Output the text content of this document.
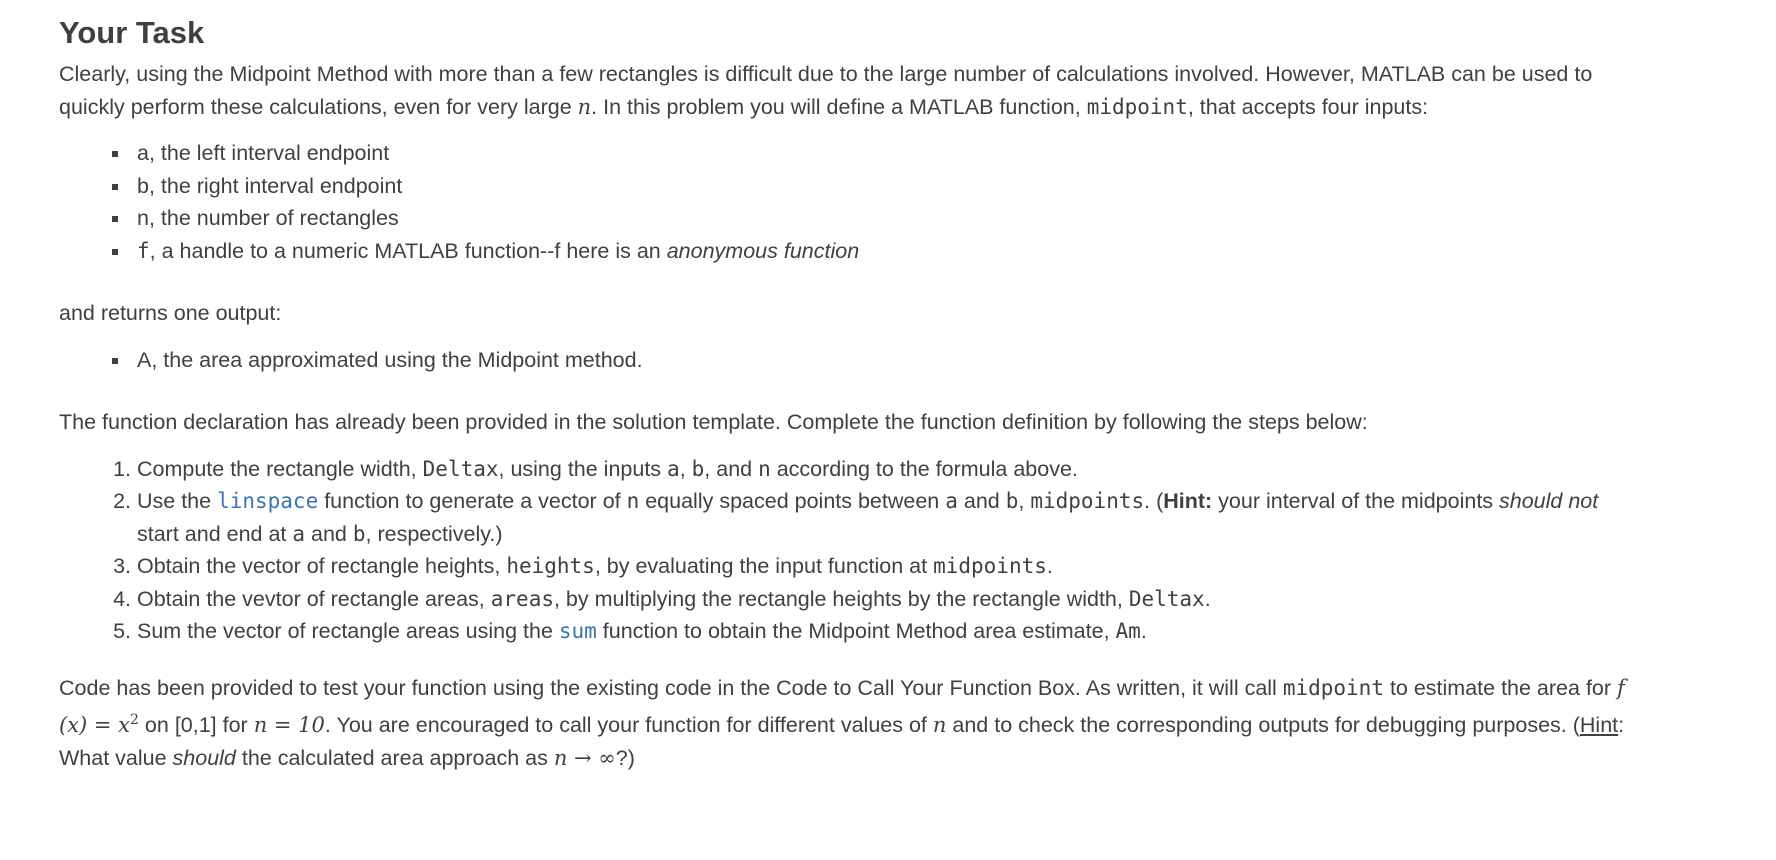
Your Task

Clearly, using the Midpoint Method with more than a few rectangles is difficult due to the large number of calculations involved. However, MATLAB can be used to quickly perform these calculations, even for very large n. In this problem you will define a MATLAB function, midpoint, that accepts four inputs:

a, the left interval endpoint
b, the right interval endpoint
n, the number of rectangles
f, a handle to a numeric MATLAB function--f here is an anonymous function

and returns one output:

A, the area approximated using the Midpoint method.

The function declaration has already been provided in the solution template. Complete the function definition by following the steps below:

1. Compute the rectangle width, Deltax, using the inputs a, b, and n according to the formula above.
2. Use the linspace function to generate a vector of n equally spaced points between a and b, midpoints. (Hint: your interval of the midpoints should not start and end at a and b, respectively.)
3. Obtain the vector of rectangle heights, heights, by evaluating the input function at midpoints.
4. Obtain the vevtor of rectangle areas, areas, by multiplying the rectangle heights by the rectangle width, Deltax.
5. Sum the vector of rectangle areas using the sum function to obtain the Midpoint Method area estimate, Am.

Code has been provided to test your function using the existing code in the Code to Call Your Function Box. As written, it will call midpoint to estimate the area for f $(x) = x^2$ on [0,1] for n = 10. You are encouraged to call your function for different values of n and to check the corresponding outputs for debugging purposes. (Hint: What value should the calculated area approach as n → ∞?)
